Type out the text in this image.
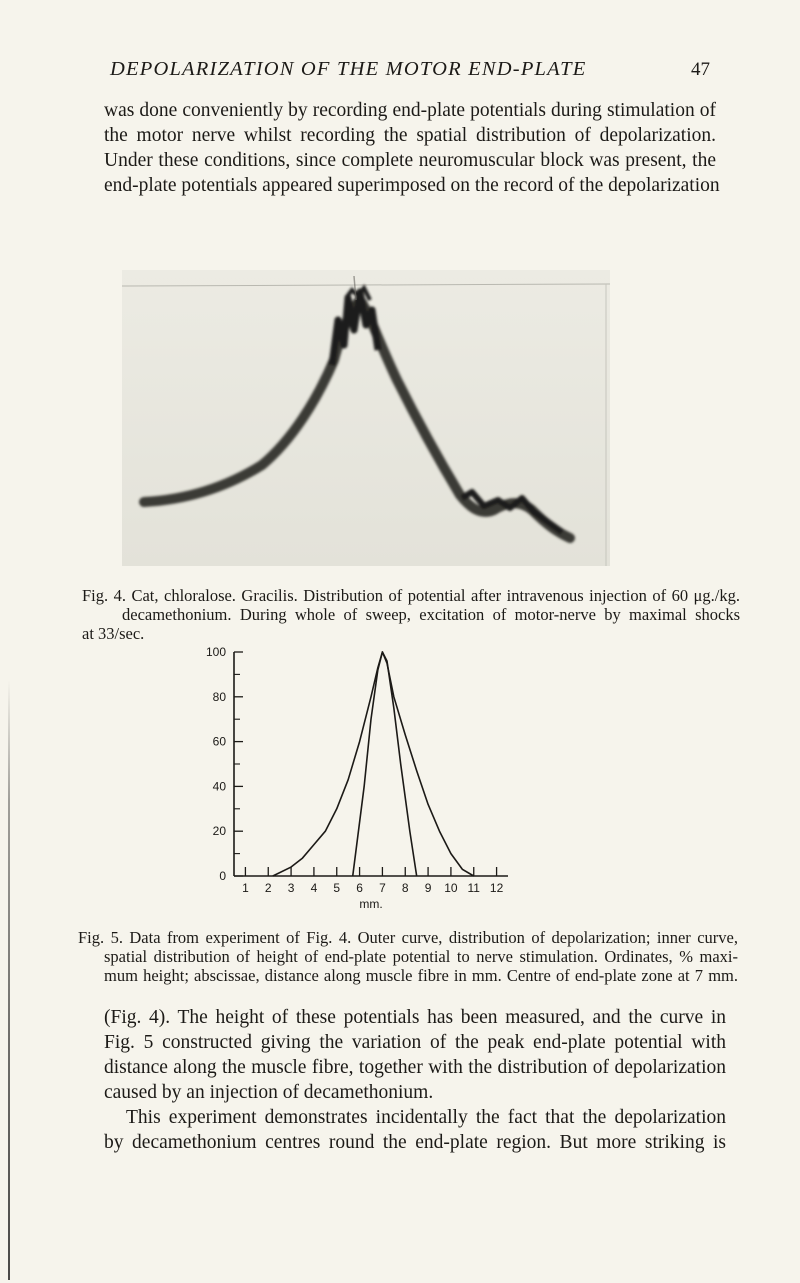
DEPOLARIZATION OF THE MOTOR END-PLATE	47

was done conveniently by recording end-plate potentials during stimulation of
the motor nerve whilst recording the spatial distribution of depolarization.
Under these conditions, since complete neuromuscular block was present, the
end-plate potentials appeared superimposed on the record of the depolarization

Fig. 4. Cat, chloralose. Gracilis. Distribution of potential after intravenous injection of 60 μg./kg.
decamethonium. During whole of sweep, excitation of motor-nerve by maximal shocks
at 33/sec.

0
20
40
60
80
100
1 2 3 4 5 6 7 8 9 10 11 12
mm.

Fig. 5. Data from experiment of Fig. 4. Outer curve, distribution of depolarization; inner curve,
spatial distribution of height of end-plate potential to nerve stimulation. Ordinates, % maxi-
mum height; abscissae, distance along muscle fibre in mm. Centre of end-plate zone at 7 mm.

(Fig. 4). The height of these potentials has been measured, and the curve in
Fig. 5 constructed giving the variation of the peak end-plate potential with
distance along the muscle fibre, together with the distribution of depolarization
caused by an injection of decamethonium.
This experiment demonstrates incidentally the fact that the depolarization
by decamethonium centres round the end-plate region. But more striking is
